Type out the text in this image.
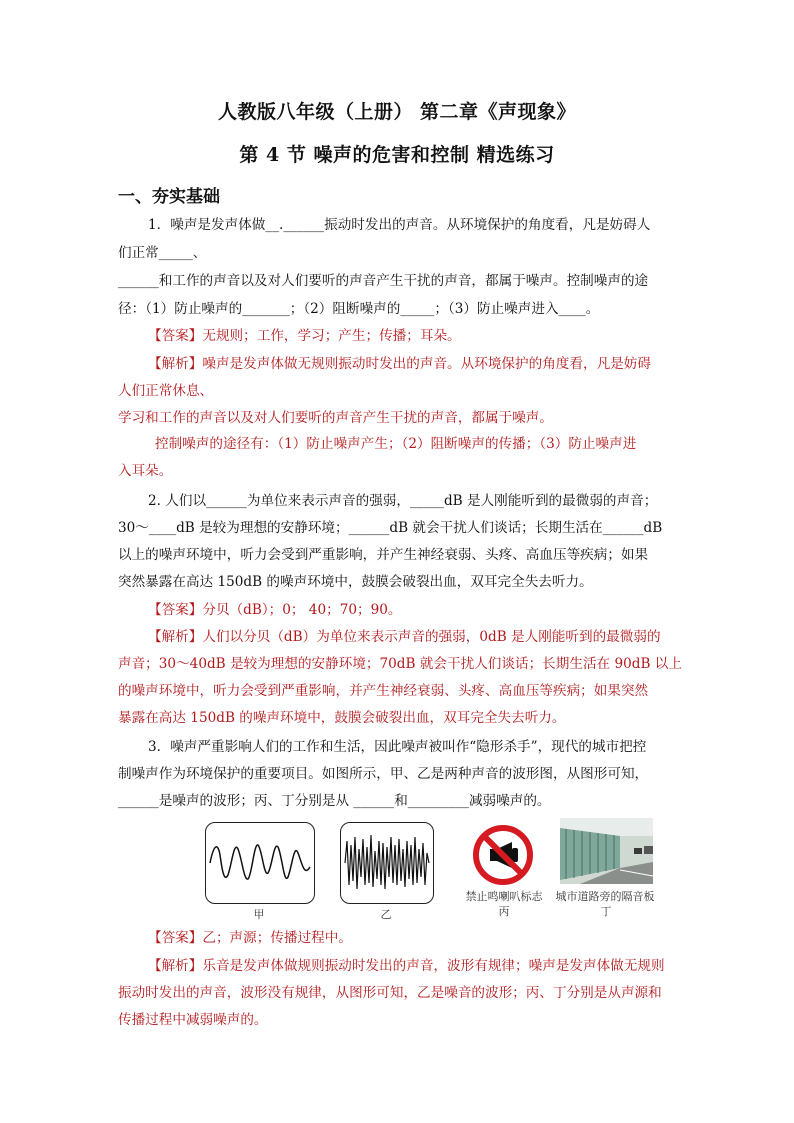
人教版八年级（上册） 第二章《声现象》
第 4 节 噪声的危害和控制 精选练习
一、夯实基础
1．噪声是发声体做__.______振动时发出的声音。从环境保护的角度看，凡是妨碍人
们正常_____、
______和工作的声音以及对人们要听的声音产生干扰的声音，都属于噪声。控制噪声的途
径：（1）防止噪声的_______；（2）阻断噪声的_____；（3）防止噪声进入____。
【答案】无规则；工作，学习；产生；传播；耳朵。
【解析】噪声是发声体做无规则振动时发出的声音。从环境保护的角度看，凡是妨碍
人们正常休息、
学习和工作的声音以及对人们要听的声音产生干扰的声音，都属于噪声。
控制噪声的途径有：（1）防止噪声产生；（2）阻断噪声的传播；（3）防止噪声进
入耳朵。
2. 人们以______为单位来表示声音的强弱，_____dB 是人刚能听到的最微弱的声音；
30～____dB 是较为理想的安静环境；______dB 就会干扰人们谈话；长期生活在______dB
以上的噪声环境中，听力会受到严重影响，并产生神经衰弱、头疼、高血压等疾病；如果
突然暴露在高达 150dB 的噪声环境中，鼓膜会破裂出血，双耳完全失去听力。
【答案】分贝（dB）；0； 40；70；90。
【解析】人们以分贝（dB）为单位来表示声音的强弱，0dB 是人刚能听到的最微弱的
声音；30～40dB 是较为理想的安静环境；70dB 就会干扰人们谈话；长期生活在 90dB 以上
的噪声环境中，听力会受到严重影响，并产生神经衰弱、头疼、高血压等疾病；如果突然
暴露在高达 150dB 的噪声环境中，鼓膜会破裂出血，双耳完全失去听力。
3．噪声严重影响人们的工作和生活，因此噪声被叫作“隐形杀手”，现代的城市把控
制噪声作为环境保护的重要项目。如图所示，甲、乙是两种声音的波形图，从图形可知，
______是噪声的波形；丙、丁分别是从 ______和_________减弱噪声的。
甲	乙
禁止鸣喇叭标志
丙
城市道路旁的隔音板
丁
【答案】乙；声源；传播过程中。
【解析】乐音是发声体做规则振动时发出的声音，波形有规律；噪声是发声体做无规则
振动时发出的声音，波形没有规律，从图形可知，乙是噪音的波形；丙、丁分别是从声源和
传播过程中减弱噪声的。
